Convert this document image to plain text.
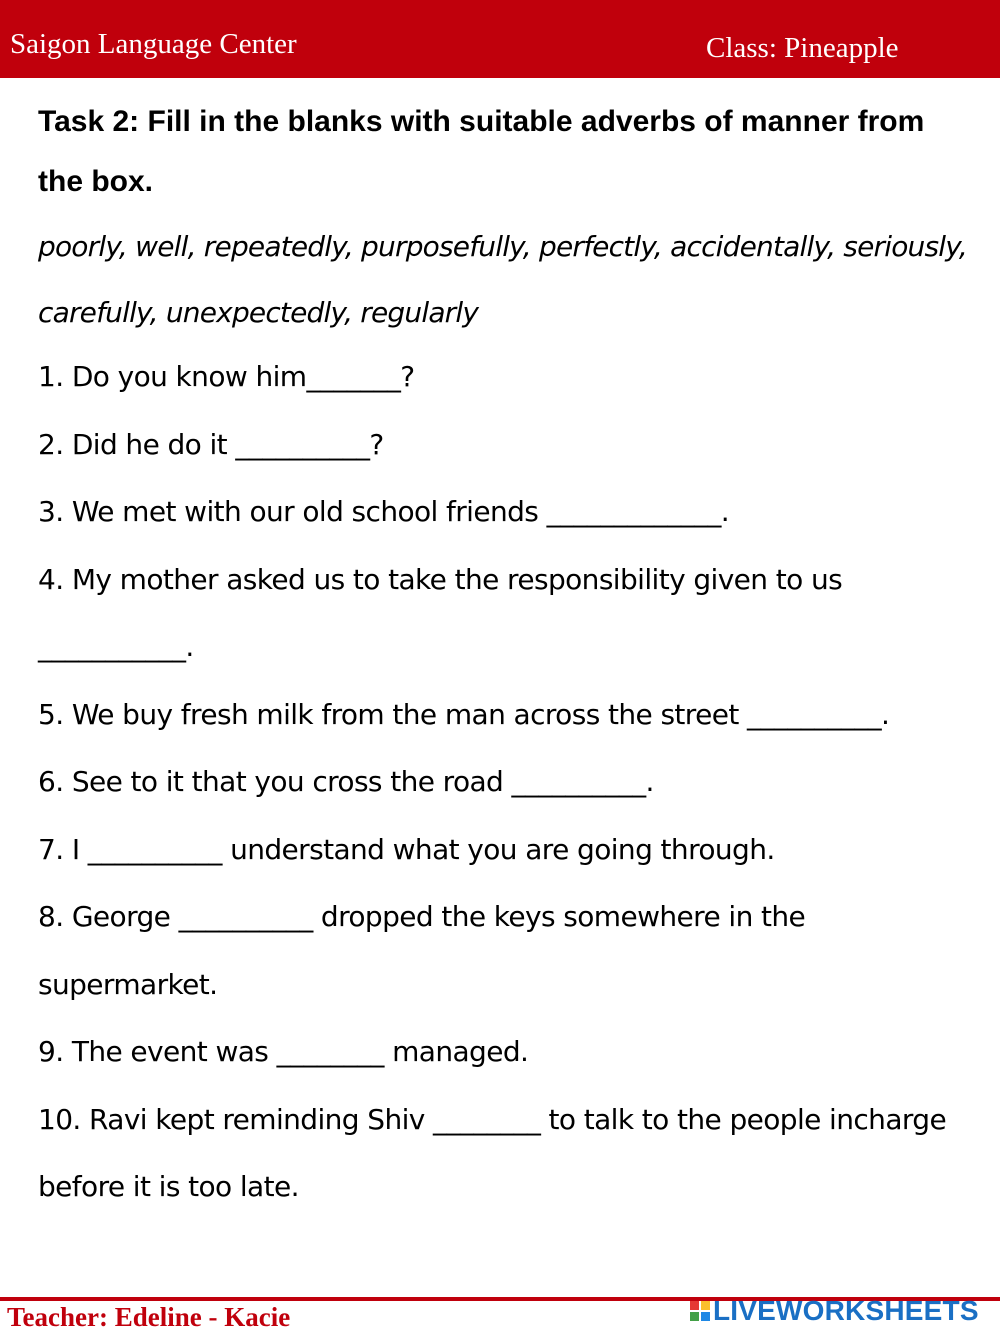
Saigon Language Center	Class: Pineapple
Task 2: Fill in the blanks with suitable adverbs of manner from the box.
poorly, well, repeatedly, purposefully, perfectly, accidentally, seriously, carefully, unexpectedly, regularly
1. Do you know him_______?
2. Did he do it __________?
3. We met with our old school friends _____________.
4. My mother asked us to take the responsibility given to us ___________.
5. We buy fresh milk from the man across the street __________.
6. See to it that you cross the road __________.
7. I __________ understand what you are going through.
8. George __________ dropped the keys somewhere in the supermarket.
9. The event was ________ managed.
10. Ravi kept reminding Shiv ________ to talk to the people incharge before it is too late.
Teacher: Edeline - Kacie	LIVEWORKSHEETS
